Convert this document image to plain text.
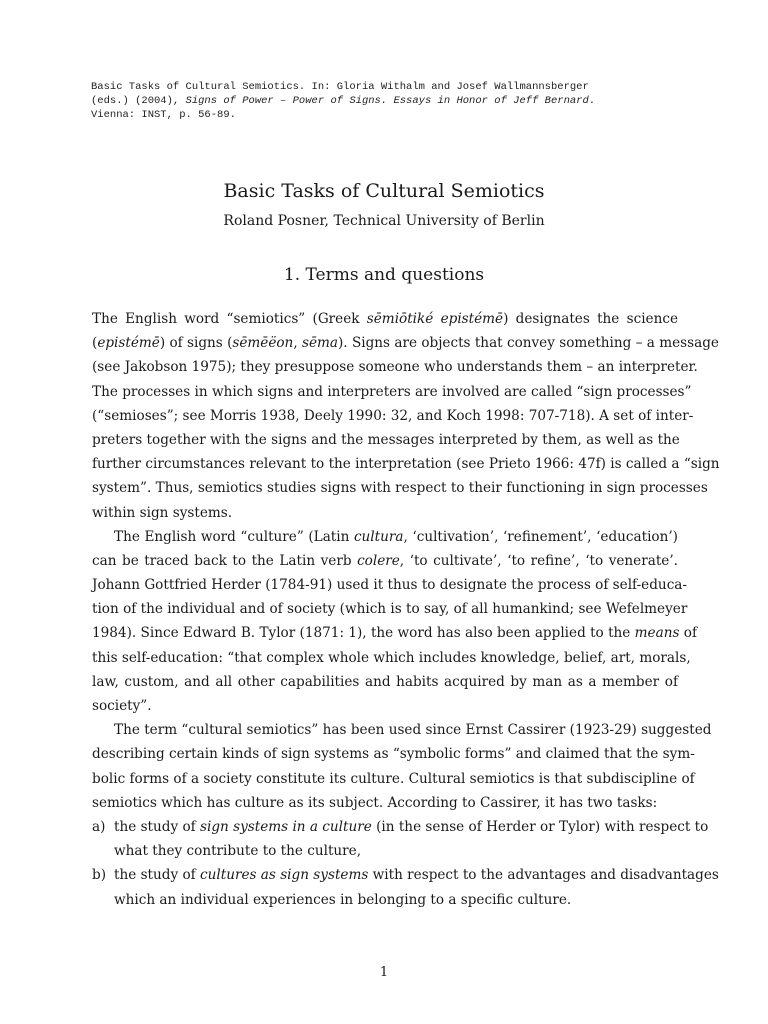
Basic Tasks of Cultural Semiotics. In: Gloria Withalm and Josef Wallmannsberger
(eds.) (2004), Signs of Power – Power of Signs. Essays in Honor of Jeff Bernard.
Vienna: INST, p. 56-89.
Basic Tasks of Cultural Semiotics
Roland Posner, Technical University of Berlin
1. Terms and questions
The English word “semiotics” (Greek sēmiōtiké epistémē) designates the science
(epistémē) of signs (sēmēëon, sēma). Signs are objects that convey something – a message
(see Jakobson 1975); they presuppose someone who understands them – an interpreter.
The processes in which signs and interpreters are involved are called “sign processes”
(“semioses”; see Morris 1938, Deely 1990: 32, and Koch 1998: 707-718). A set of inter-
preters together with the signs and the messages interpreted by them, as well as the
further circumstances relevant to the interpretation (see Prieto 1966: 47f) is called a “sign
system”. Thus, semiotics studies signs with respect to their functioning in sign processes
within sign systems.
The English word “culture” (Latin cultura, ‘cultivation’, ‘refinement’, ‘education’)
can be traced back to the Latin verb colere, ‘to cultivate’, ‘to refine’, ‘to venerate’.
Johann Gottfried Herder (1784-91) used it thus to designate the process of self-educa-
tion of the individual and of society (which is to say, of all humankind; see Wefelmeyer
1984). Since Edward B. Tylor (1871: 1), the word has also been applied to the means of
this self-education: “that complex whole which includes knowledge, belief, art, morals,
law, custom, and all other capabilities and habits acquired by man as a member of
society”.
The term “cultural semiotics” has been used since Ernst Cassirer (1923-29) suggested
describing certain kinds of sign systems as “symbolic forms” and claimed that the sym-
bolic forms of a society constitute its culture. Cultural semiotics is that subdiscipline of
semiotics which has culture as its subject. According to Cassirer, it has two tasks:
a) the study of sign systems in a culture (in the sense of Herder or Tylor) with respect to
what they contribute to the culture,
b) the study of cultures as sign systems with respect to the advantages and disadvantages
which an individual experiences in belonging to a specific culture.
1
